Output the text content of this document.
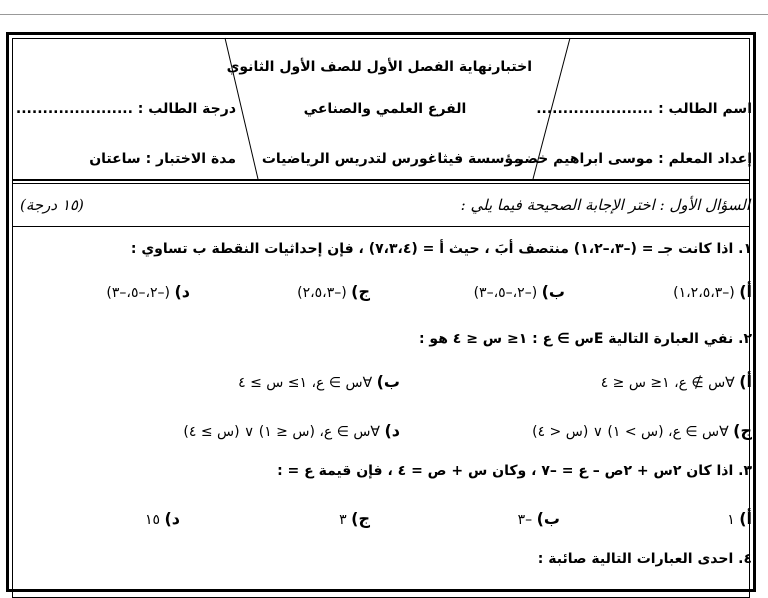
اختبارنهاية الفصل الأول للصف الأول الثانوي
الفرع العلمي والصناعي
مؤسسة فيثاغورس لتدريس الرياضيات
اسم الطالب : ......................
إعداد المعلم : موسى ابراهيم خضر
درجة الطالب : ......................
مدة الاختبار : ساعتان
السؤال الأول : اختر الإجابة الصحيحة فيما يلي :
(١٥ درجة)
١. اذا كانت جـ = (–٣،–١،٢) منتصف أبَ ، حيث أ = (٧،٣،٤) ، فإن إحداثيات النقطة ب تساوي :
أ) (–١،٢،٥،٣)
ب) (–٢،–٥،–٣)
ج) (–٢،٥،٣)
د) (–٢،–٥،–٣)
٢. نفي العبارة التالية Eس ∋ ع : ١≤ س ≤ ٤ هو :
أ) ∀س ∌ ع، ١≤ س ≤ ٤
ب) ∀س ∋ ع، ١≥ س ≥ ٤
ج) ∀س ∋ ع، (س > ١) ∨ (س < ٤)
د) ∀س ∋ ع، (س ≤ ١) ∨ (س ≥ ٤)
٣. اذا كان ٢س + ٢ص – ع = –٧ ، وكان س + ص = ٤ ، فإن قيمة ع = :
أ) ١
ب) –٣
ج) ٣
د) ١٥
٤. احدى العبارات التالية صائبة :
